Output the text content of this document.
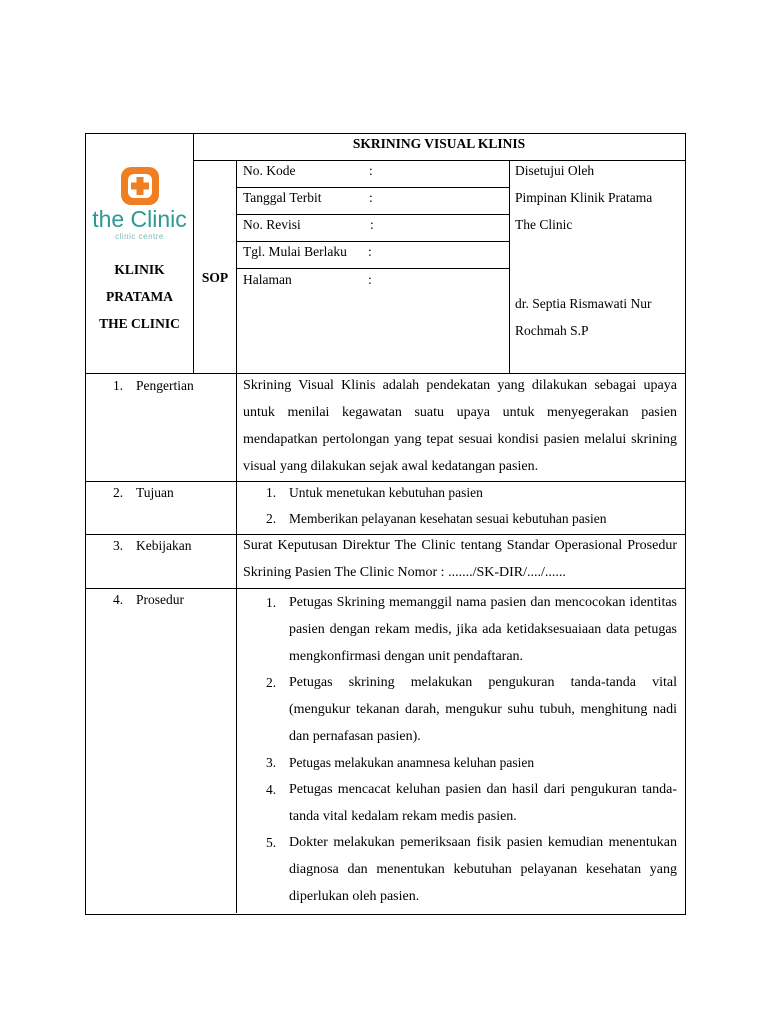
SKRINING VISUAL KLINIS
the Clinic
clinic centre
KLINIK
PRATAMA
THE CLINIC
SOP
No. Kode	:
Tanggal Terbit	:
No. Revisi	:
Tgl. Mulai Berlaku :
Halaman	:
Disetujui Oleh
Pimpinan Klinik Pratama
The Clinic
dr. Septia Rismawati Nur
Rochmah S.P
1. Pengertian	Skrining Visual Klinis adalah pendekatan yang dilakukan sebagai upaya untuk menilai kegawatan suatu upaya untuk menyegerakan pasien mendapatkan pertolongan yang tepat sesuai kondisi pasien melalui skrining visual yang dilakukan sejak awal kedatangan pasien.
2. Tujuan	1. Untuk menetukan kebutuhan pasien
2. Memberikan pelayanan kesehatan sesuai kebutuhan pasien
3. Kebijakan	Surat Keputusan Direktur The Clinic tentang Standar Operasional Prosedur Skrining Pasien The Clinic Nomor : ......./SK-DIR/..../......
4. Prosedur	1. Petugas Skrining memanggil nama pasien dan mencocokan identitas pasien dengan rekam medis, jika ada ketidaksesuaiaan data petugas mengkonfirmasi dengan unit pendaftaran.
2. Petugas skrining melakukan pengukuran tanda-tanda vital (mengukur tekanan darah, mengukur suhu tubuh, menghitung nadi dan pernafasan pasien).
3. Petugas melakukan anamnesa keluhan pasien
4. Petugas mencacat keluhan pasien dan hasil dari pengukuran tanda- tanda vital kedalam rekam medis pasien.
5. Dokter melakukan pemeriksaan fisik pasien kemudian menentukan diagnosa dan menentukan kebutuhan pelayanan kesehatan yang diperlukan oleh pasien.
